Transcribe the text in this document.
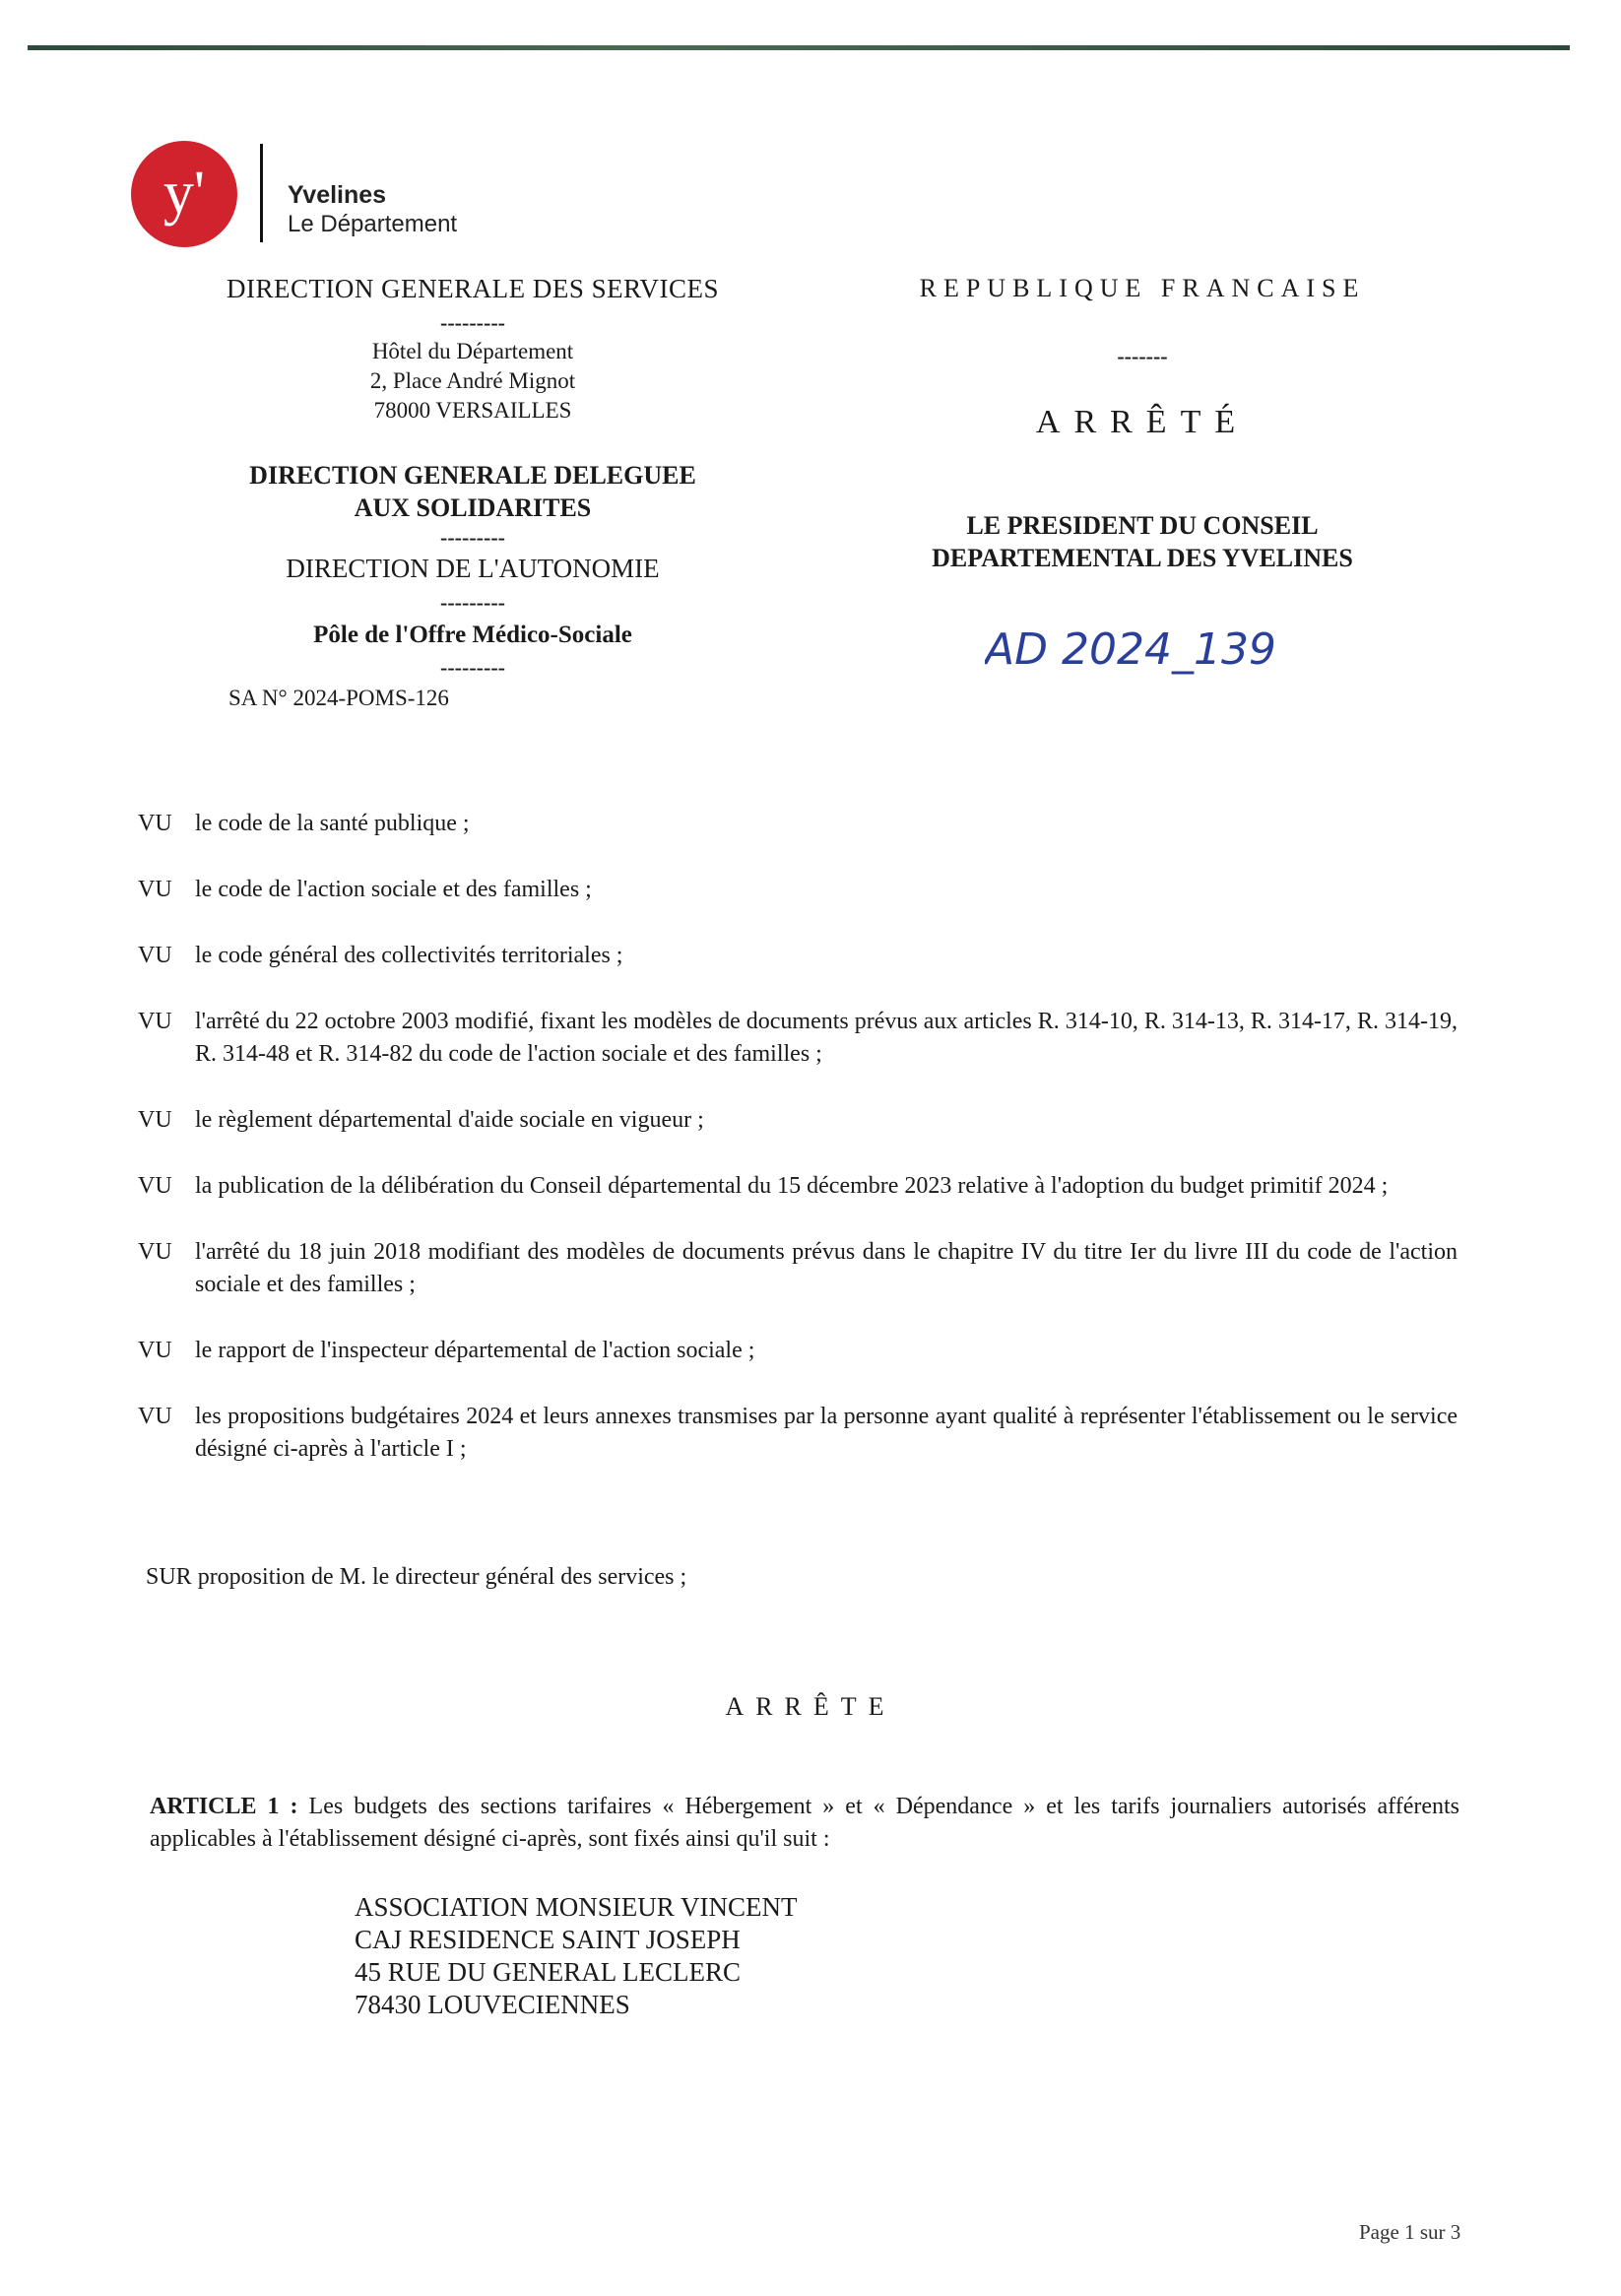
y'	Yvelines
Le Département
DIRECTION GENERALE DES SERVICES
---------
Hôtel du Département
2, Place André Mignot
78000 VERSAILLES
DIRECTION GENERALE DELEGUEE
AUX SOLIDARITES
---------
DIRECTION DE L'AUTONOMIE
---------
Pôle de l'Offre Médico-Sociale
---------
SA N° 2024-POMS-126
REPUBLIQUE FRANCAISE
-------
ARRÊTÉ
LE PRESIDENT DU CONSEIL
DEPARTEMENTAL DES YVELINES
AD 2024_139
VU le code de la santé publique ;
VU le code de l'action sociale et des familles ;
VU le code général des collectivités territoriales ;
VU l'arrêté du 22 octobre 2003 modifié, fixant les modèles de documents prévus aux articles R. 314-10, R. 314-13, R. 314-17, R. 314-19, R. 314-48 et R. 314-82 du code de l'action sociale et des familles ;
VU le règlement départemental d'aide sociale en vigueur ;
VU la publication de la délibération du Conseil départemental du 15 décembre 2023 relative à l'adoption du budget primitif 2024 ;
VU l'arrêté du 18 juin 2018 modifiant des modèles de documents prévus dans le chapitre IV du titre Ier du livre III du code de l'action sociale et des familles ;
VU le rapport de l'inspecteur départemental de l'action sociale ;
VU les propositions budgétaires 2024 et leurs annexes transmises par la personne ayant qualité à représenter l'établissement ou le service désigné ci-après à l'article I ;
SUR proposition de M. le directeur général des services ;
ARRÊTE
ARTICLE 1 : Les budgets des sections tarifaires « Hébergement » et « Dépendance » et les tarifs journaliers autorisés afférents applicables à l'établissement désigné ci-après, sont fixés ainsi qu'il suit :
ASSOCIATION MONSIEUR VINCENT
CAJ RESIDENCE SAINT JOSEPH
45 RUE DU GENERAL LECLERC
78430 LOUVECIENNES
Page 1 sur 3
